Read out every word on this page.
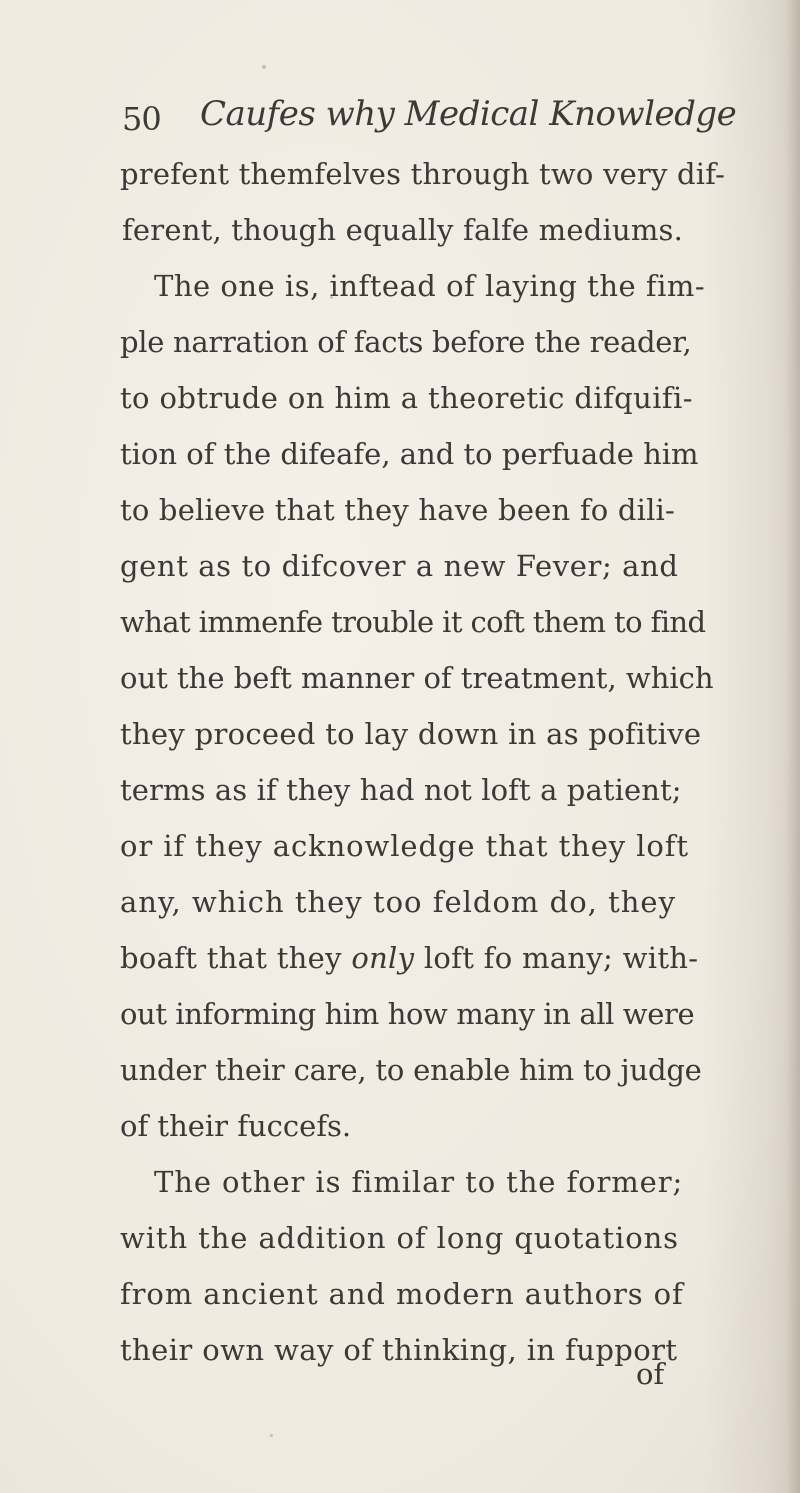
50 Caufes why Medical Knowledge
prefent themfelves through two very dif-
ferent, though equally falfe mediums.
The one is, inftead of laying the fim-
ple narration of facts before the reader,
to obtrude on him a theoretic difquifi-
tion of the difeafe, and to perfuade him
to believe that they have been fo dili-
gent as to difcover a new Fever; and
what immenfe trouble it coft them to find
out the beft manner of treatment, which
they proceed to lay down in as pofitive
terms as if they had not loft a patient;
or if they acknowledge that they loft
any, which they too feldom do, they
boaft that they only loft fo many; with-
out informing him how many in all were
under their care, to enable him to judge
of their fuccefs.
The other is fimilar to the former;
with the addition of long quotations
from ancient and modern authors of
their own way of thinking, in fupport
of
